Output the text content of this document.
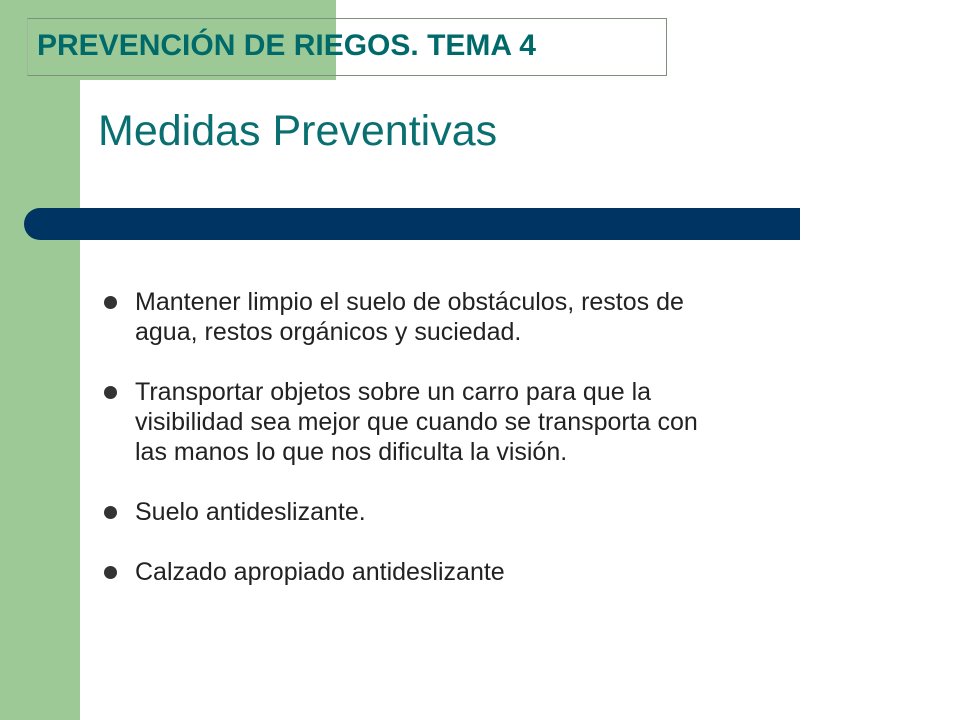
PREVENCIÓN DE RIEGOS. TEMA 4
Medidas Preventivas
Mantener limpio el suelo de obstáculos, restos de
agua, restos orgánicos y suciedad.
Transportar objetos sobre un carro para que la
visibilidad sea mejor que cuando se transporta con
las manos lo que nos dificulta la visión.
Suelo antideslizante.
Calzado apropiado antideslizante
